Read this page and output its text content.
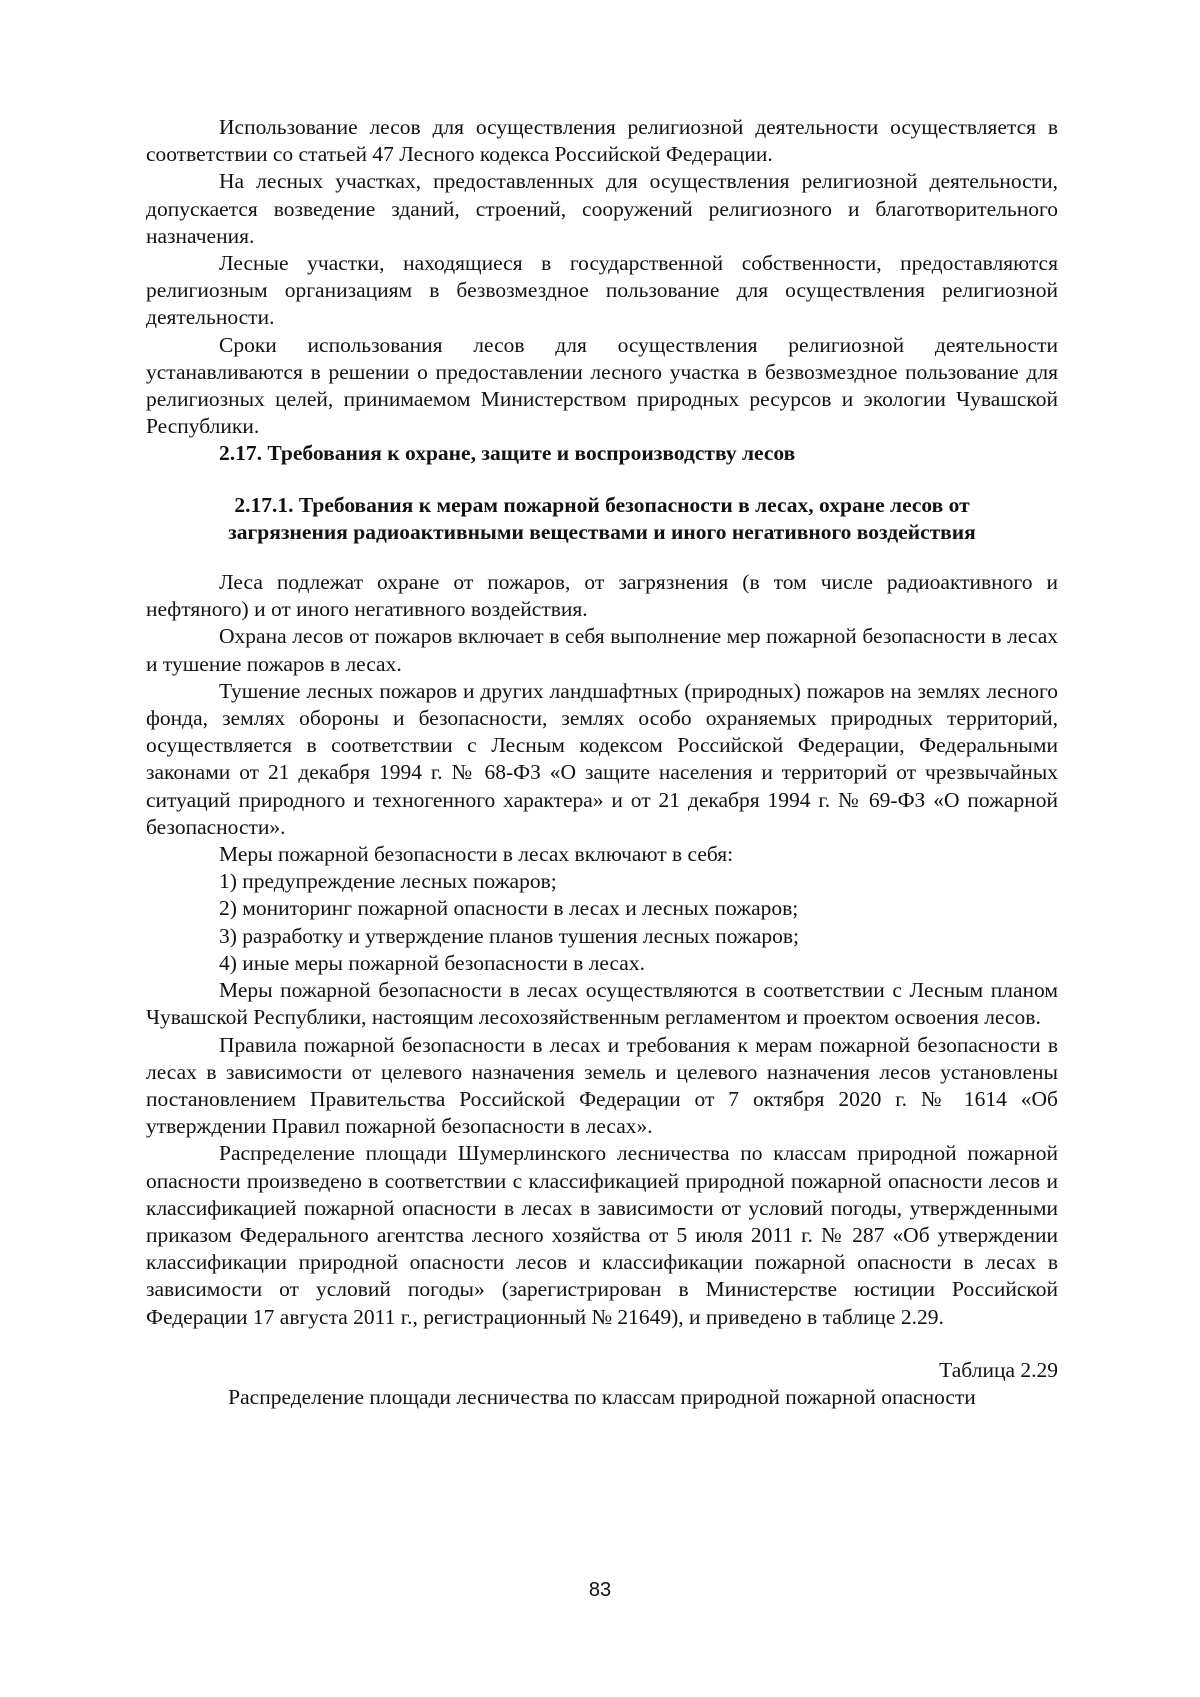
Использование лесов для осуществления религиозной деятельности осуществляется в соответствии со статьей 47 Лесного кодекса Российской Федерации.

На лесных участках, предоставленных для осуществления религиозной деятельности, допускается возведение зданий, строений, сооружений религиозного и благотворительного назначения.

Лесные участки, находящиеся в государственной собственности, предоставляются религиозным организациям в безвозмездное пользование для осуществления религиозной деятельности.

Сроки использования лесов для осуществления религиозной деятельности устанавливаются в решении о предоставлении лесного участка в безвозмездное пользование для религиозных целей, принимаемом Министерством природных ресурсов и экологии Чувашской Республики.

2.17. Требования к охране, защите и воспроизводству лесов

2.17.1. Требования к мерам пожарной безопасности в лесах, охране лесов от
загрязнения радиоактивными веществами и иного негативного воздействия

Леса подлежат охране от пожаров, от загрязнения (в том числе радиоактивного и нефтяного) и от иного негативного воздействия.

Охрана лесов от пожаров включает в себя выполнение мер пожарной безопасности в лесах и тушение пожаров в лесах.

Тушение лесных пожаров и других ландшафтных (природных) пожаров на землях лесного фонда, землях обороны и безопасности, землях особо охраняемых природных территорий, осуществляется в соответствии с Лесным кодексом Российской Федерации, Федеральными законами от 21 декабря 1994 г. № 68-ФЗ «О защите населения и территорий от чрезвычайных ситуаций природного и техногенного характера» и от 21 декабря 1994 г. № 69-ФЗ «О пожарной безопасности».

Меры пожарной безопасности в лесах включают в себя:

1) предупреждение лесных пожаров;

2) мониторинг пожарной опасности в лесах и лесных пожаров;

3) разработку и утверждение планов тушения лесных пожаров;

4) иные меры пожарной безопасности в лесах.

Меры пожарной безопасности в лесах осуществляются в соответствии с Лесным планом Чувашской Республики, настоящим лесохозяйственным регламентом и проектом освоения лесов.

Правила пожарной безопасности в лесах и требования к мерам пожарной безопасности в лесах в зависимости от целевого назначения земель и целевого назначения лесов установлены постановлением Правительства Российской Федерации от 7 октября 2020 г. № 1614 «Об утверждении Правил пожарной безопасности в лесах».

Распределение площади Шумерлинского лесничества по классам природной пожарной опасности произведено в соответствии с классификацией природной пожарной опасности лесов и классификацией пожарной опасности в лесах в зависимости от условий погоды, утвержденными приказом Федерального агентства лесного хозяйства от 5 июля 2011 г. № 287 «Об утверждении классификации природной опасности лесов и классификации пожарной опасности в лесах в зависимости от условий погоды» (зарегистрирован в Министерстве юстиции Российской Федерации 17 августа 2011 г., регистрационный № 21649), и приведено в таблице 2.29.

Таблица 2.29
Распределение площади лесничества по классам природной пожарной опасности
83
